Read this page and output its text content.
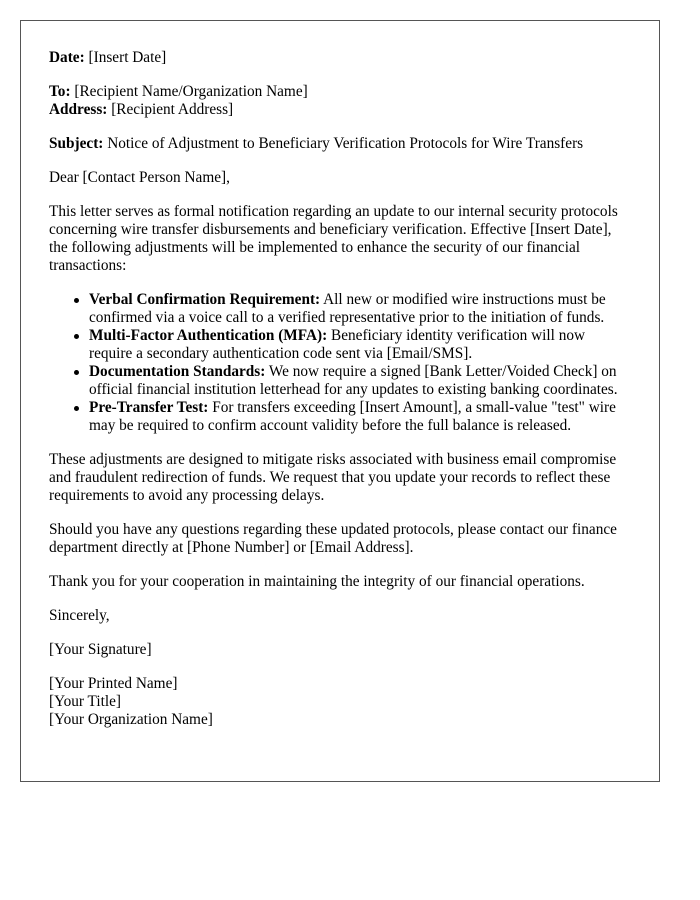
Date: [Insert Date]
To: [Recipient Name/Organization Name]
Address: [Recipient Address]
Subject: Notice of Adjustment to Beneficiary Verification Protocols for Wire Transfers
Dear [Contact Person Name],
This letter serves as formal notification regarding an update to our internal security protocols concerning wire transfer disbursements and beneficiary verification. Effective [Insert Date], the following adjustments will be implemented to enhance the security of our financial transactions:
Verbal Confirmation Requirement: All new or modified wire instructions must be confirmed via a voice call to a verified representative prior to the initiation of funds.
Multi-Factor Authentication (MFA): Beneficiary identity verification will now require a secondary authentication code sent via [Email/SMS].
Documentation Standards: We now require a signed [Bank Letter/Voided Check] on official financial institution letterhead for any updates to existing banking coordinates.
Pre-Transfer Test: For transfers exceeding [Insert Amount], a small-value "test" wire may be required to confirm account validity before the full balance is released.
These adjustments are designed to mitigate risks associated with business email compromise and fraudulent redirection of funds. We request that you update your records to reflect these requirements to avoid any processing delays.
Should you have any questions regarding these updated protocols, please contact our finance department directly at [Phone Number] or [Email Address].
Thank you for your cooperation in maintaining the integrity of our financial operations.
Sincerely,
[Your Signature]
[Your Printed Name]
[Your Title]
[Your Organization Name]
